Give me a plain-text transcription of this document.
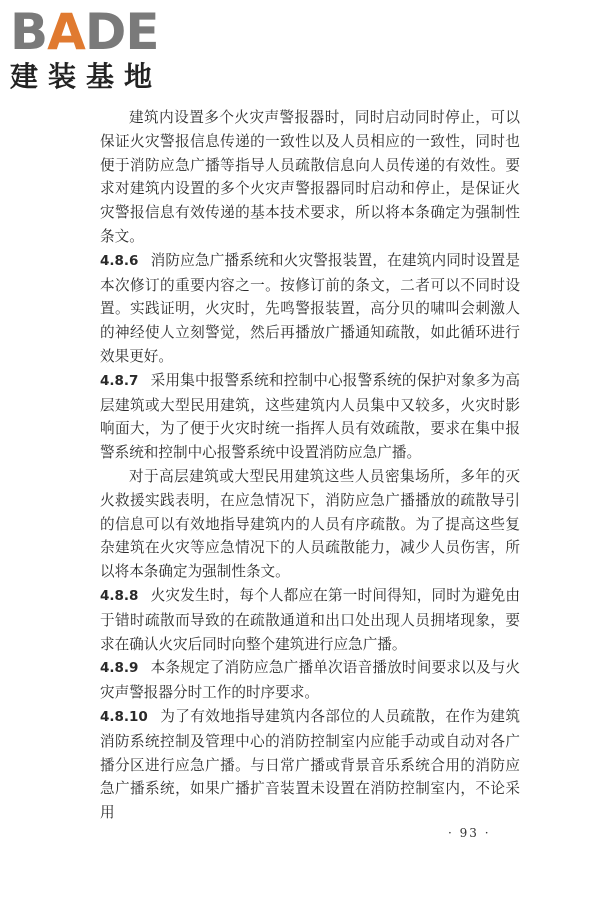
BADE
建装基地

建筑内设置多个火灾声警报器时，同时启动同时停止，可以保证火灾警报信息传递的一致性以及人员相应的一致性，同时也便于消防应急广播等指导人员疏散信息向人员传递的有效性。要求对建筑内设置的多个火灾声警报器同时启动和停止，是保证火灾警报信息有效传递的基本技术要求，所以将本条确定为强制性条文。

4.8.6 消防应急广播系统和火灾警报装置，在建筑内同时设置是本次修订的重要内容之一。按修订前的条文，二者可以不同时设置。实践证明，火灾时，先鸣警报装置，高分贝的啸叫会刺激人的神经使人立刻警觉，然后再播放广播通知疏散，如此循环进行效果更好。

4.8.7 采用集中报警系统和控制中心报警系统的保护对象多为高层建筑或大型民用建筑，这些建筑内人员集中又较多，火灾时影响面大，为了便于火灾时统一指挥人员有效疏散，要求在集中报警系统和控制中心报警系统中设置消防应急广播。

对于高层建筑或大型民用建筑这些人员密集场所，多年的灭火救援实践表明，在应急情况下，消防应急广播播放的疏散导引的信息可以有效地指导建筑内的人员有序疏散。为了提高这些复杂建筑在火灾等应急情况下的人员疏散能力，减少人员伤害，所以将本条确定为强制性条文。

4.8.8 火灾发生时，每个人都应在第一时间得知，同时为避免由于错时疏散而导致的在疏散通道和出口处出现人员拥堵现象，要求在确认火灾后同时向整个建筑进行应急广播。

4.8.9 本条规定了消防应急广播单次语音播放时间要求以及与火灾声警报器分时工作的时序要求。

4.8.10 为了有效地指导建筑内各部位的人员疏散，在作为建筑消防系统控制及管理中心的消防控制室内应能手动或自动对各广播分区进行应急广播。与日常广播或背景音乐系统合用的消防应急广播系统，如果广播扩音装置未设置在消防控制室内，不论采用

· 93 ·
